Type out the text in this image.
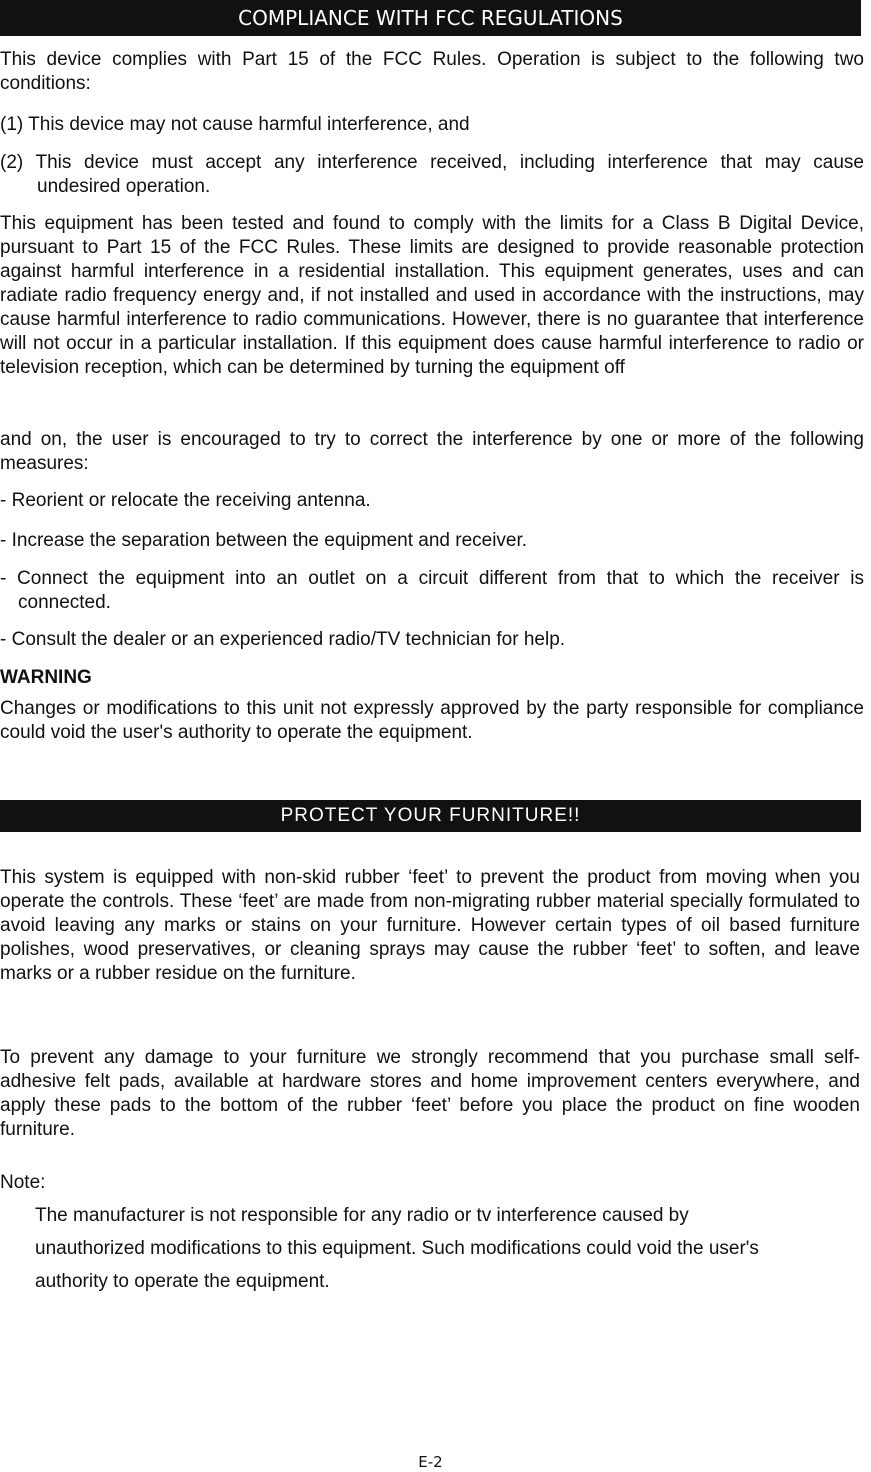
COMPLIANCE WITH FCC REGULATIONS

This device complies with Part 15 of the FCC Rules. Operation is subject to the following two conditions:

(1) This device may not cause harmful interference, and

(2) This device must accept any interference received, including interference that may cause undesired operation.

This equipment has been tested and found to comply with the limits for a Class B Digital Device, pursuant to Part 15 of the FCC Rules. These limits are designed to provide reasonable protection against harmful interference in a residential installation. This equipment generates, uses and can radiate radio frequency energy and, if not installed and used in accordance with the instructions, may cause harmful interference to radio communications. However, there is no guarantee that interference will not occur in a particular installation. If this equipment does cause harmful interference to radio or television reception, which can be determined by turning the equipment off

and on, the user is encouraged to try to correct the interference by one or more of the following measures:

- Reorient or relocate the receiving antenna.

- Increase the separation between the equipment and receiver.

- Connect the equipment into an outlet on a circuit different from that to which the receiver is connected.

- Consult the dealer or an experienced radio/TV technician for help.

WARNING

Changes or modifications to this unit not expressly approved by the party responsible for compliance could void the user's authority to operate the equipment.

PROTECT YOUR FURNITURE!!

This system is equipped with non-skid rubber ‘feet’ to prevent the product from moving when you operate the controls. These ‘feet’ are made from non-migrating rubber material specially formulated to avoid leaving any marks or stains on your furniture. However certain types of oil based furniture polishes, wood preservatives, or cleaning sprays may cause the rubber ‘feet’ to soften, and leave marks or a rubber residue on the furniture.

To prevent any damage to your furniture we strongly recommend that you purchase small self-adhesive felt pads, available at hardware stores and home improvement centers everywhere, and apply these pads to the bottom of the rubber ‘feet’ before you place the product on fine wooden furniture.

Note:

The manufacturer is not responsible for any radio or tv interference caused by
unauthorized modifications to this equipment. Such modifications could void the user's
authority to operate the equipment.
E-2
